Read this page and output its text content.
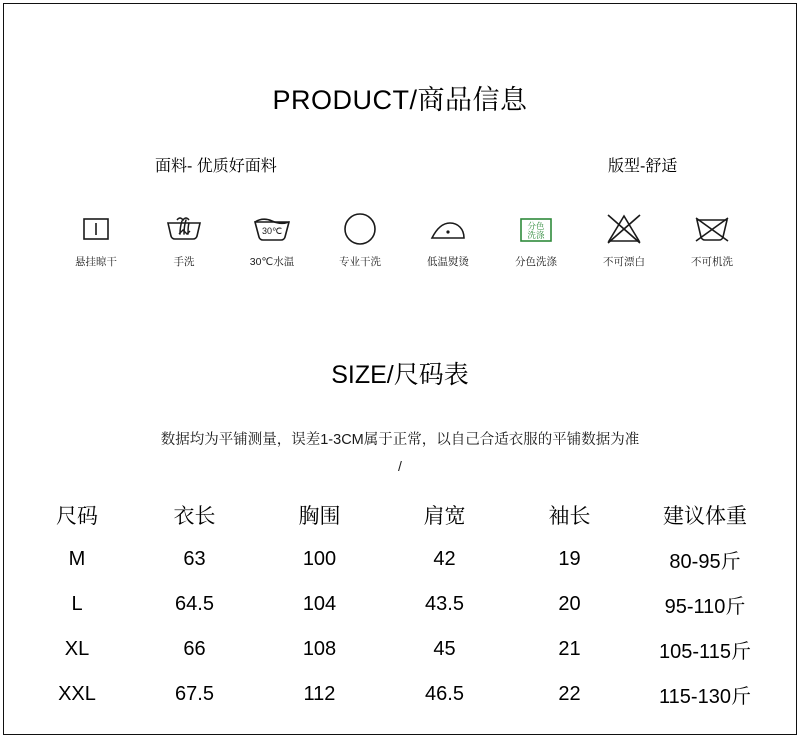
PRODUCT/商品信息
面料- 优质好面料	版型-舒适
悬挂晾干	手洗
30℃
30℃水温	专业干洗	低温熨烫
分色
洗涤
分色洗涤	不可漂白	不可机洗
SIZE/尺码表
数据均为平铺测量，误差1-3CM属于正常，以自己合适衣服的平铺数据为准
/
尺码	衣长	胸围	肩宽	袖长	建议体重
M	63	100	42	19	80-95斤
L	64.5	104	43.5	20	95-110斤
XL	66	108	45	21	105-115斤
XXL	67.5	112	46.5	22	115-130斤
